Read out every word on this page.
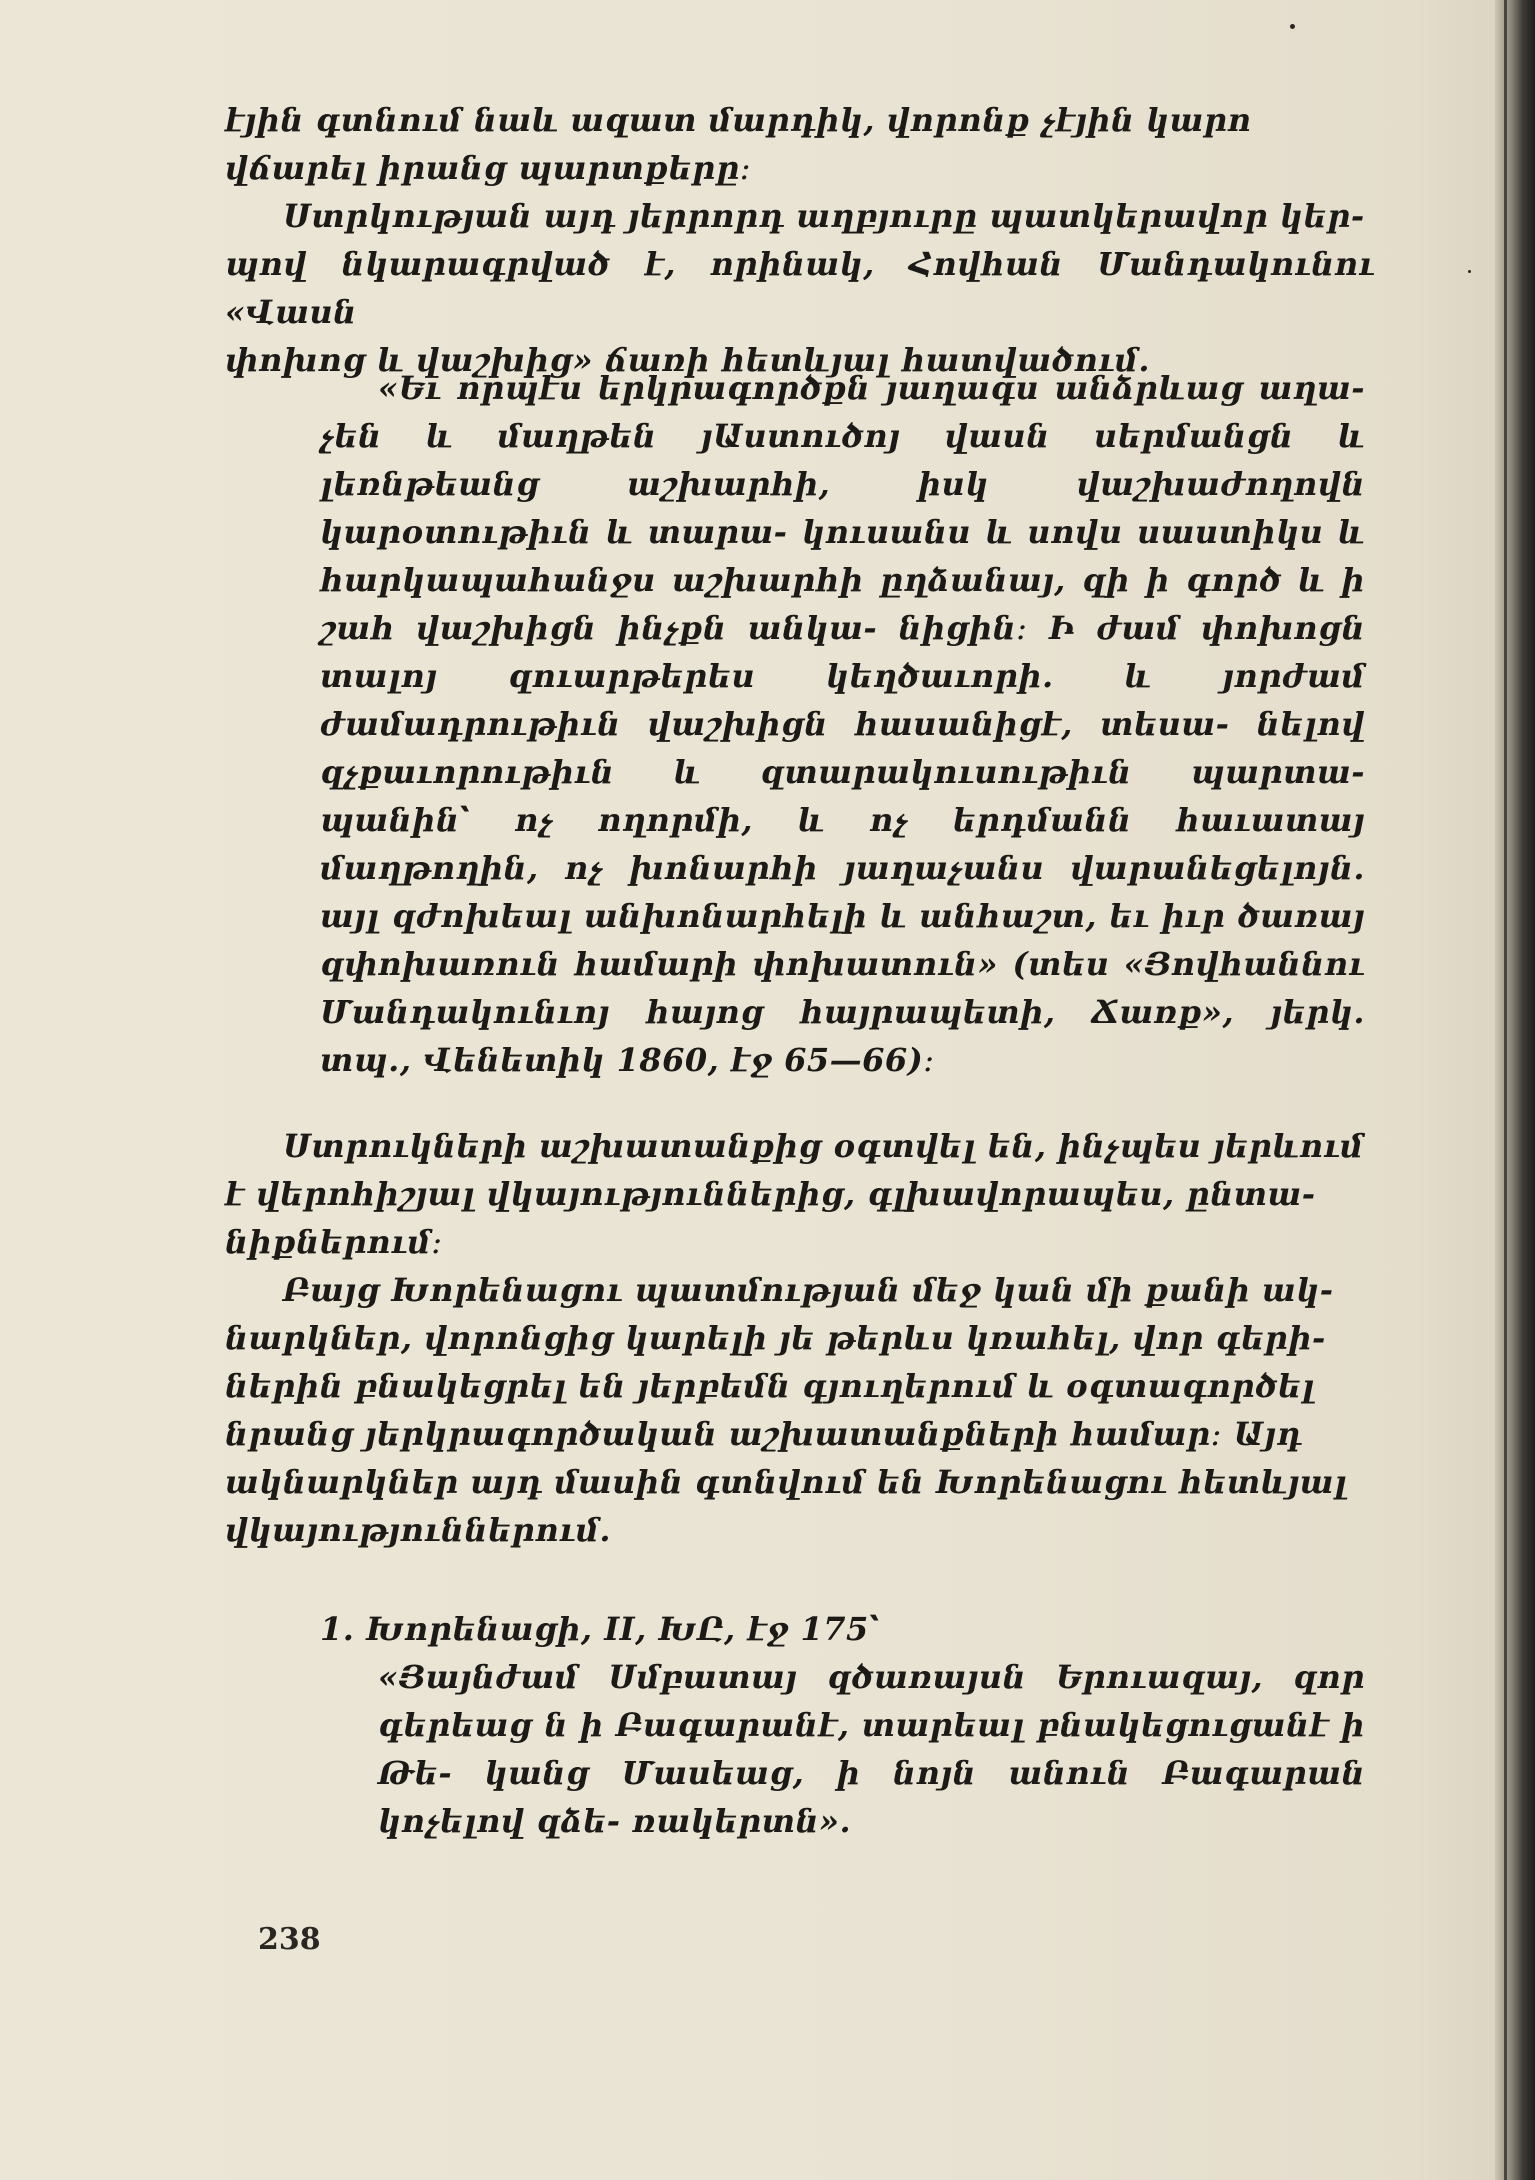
էյին գտնում նաև ազատ մարդիկ, վորոնք չէյին կարո

վճարել իրանց պարտքերը։

Ստրկության այդ յերրորդ աղբյուրը պատկերավոր կեր-

պով նկարագրված է, որինակ, Հովհան Մանդակունու «Վասն

փոխոց և վաշխից» ճառի հետևյալ հատվածում.

«Եւ որպէս երկրագործքն յաղագս անձրևաց աղա- չեն և մաղթեն յԱստուծոյ վասն սերմանցն և լեռնթեանց աշխարհի, իսկ վաշխաժողովն կարօտութիւն և տարա- կուսանս և սովս սաստիկս և հարկապահանջս աշխարհի ըղձանայ, զի ի գործ և ի շահ վաշխիցն ինչքն անկա- նիցին։ Ի ժամ փոխոցն տալոյ զուարթերես կեղծաւորի. և յորժամ ժամադրութիւն վաշխիցն հասանիցէ, տեսա- նելով զչքաւորութիւն և զտարակուսութիւն պարտա- պանին՝ ոչ ողորմի, և ոչ երդմանն հաւատայ մաղթողին, ոչ խոնարհի յաղաչանս վարանեցելոյն. այլ զժոխեալ անխոնարհելի և անհաշտ, եւ իւր ծառայ զփոխառուն համարի փոխատուն» (տես «Յովհաննու Մանդակունւոյ հայոց հայրապետի, Ճառք», յերկ. տպ., Վենետիկ 1860, էջ 65—66)։

Ստրուկների աշխատանքից օգտվել են, ինչպես յերևում

է վերոհիշյալ վկայություններից, գլխավորապես, ընտա-

նիքներում։

Բայց Խորենացու պատմության մեջ կան մի քանի ակ-

նարկներ, վորոնցից կարելի յե թերևս կռահել, վոր գերի-

ներին բնակեցրել են յերբեմն գյուղերում և օգտագործել

նրանց յերկրագործական աշխատանքների համար։ Այդ

ակնարկներ այդ մասին գտնվում են Խորենացու հետևյալ

վկայություններում.

1. Խորենացի, II, ԽԸ, էջ 175՝

«Յայնժամ Սմբատայ զծառայսն Երուազայ, զոր գերեաց ն ի Բագարանէ, տարեալ բնակեցուցանէ ի Թե- կանց Մասեաց, ի նոյն անուն Բագարան կոչելով զձե- ռակերտն».

238
